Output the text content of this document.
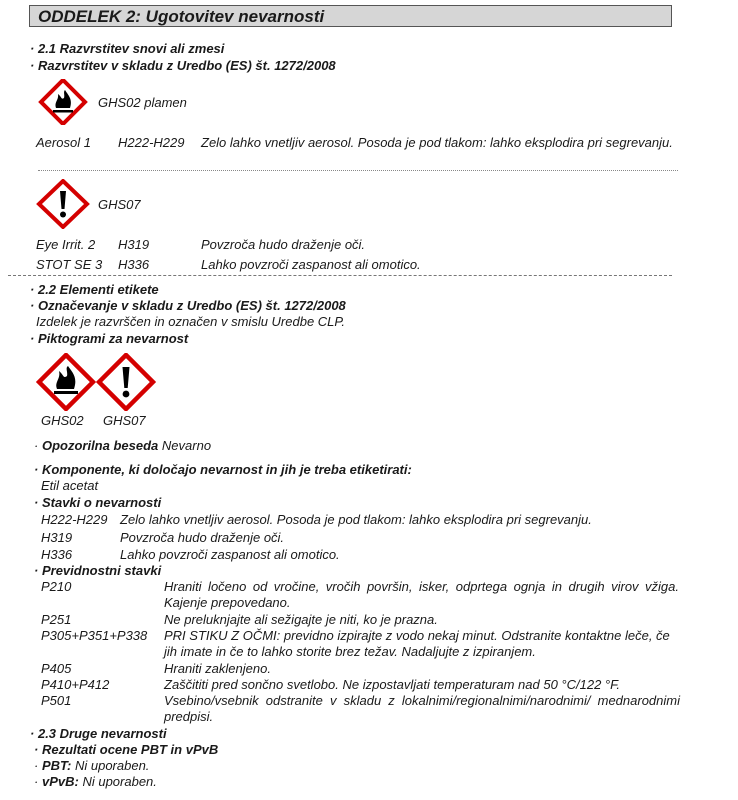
ODDELEK 2: Ugotovitev nevarnosti
· 2.1 Razvrstitev snovi ali zmesi
· Razvrstitev v skladu z Uredbo (ES) št. 1272/2008
GHS02 plamen
Aerosol 1 H222-H229 Zelo lahko vnetljiv aerosol. Posoda je pod tlakom: lahko eksplodira pri segrevanju.
GHS07
Eye Irrit. 2 H319	Povzroča hudo draženje oči.
STOT SE 3 H336	Lahko povzroči zaspanost ali omotico.
· 2.2 Elementi etikete
· Označevanje v skladu z Uredbo (ES) št. 1272/2008
Izdelek je razvrščen in označen v smislu Uredbe CLP.
· Piktogrami za nevarnost
GHS02 GHS07
· Opozorilna beseda Nevarno
· Komponente, ki določajo nevarnost in jih je treba etiketirati:
Etil acetat
· Stavki o nevarnosti
H222-H229 Zelo lahko vnetljiv aerosol. Posoda je pod tlakom: lahko eksplodira pri segrevanju.
H319	Povzroča hudo draženje oči.
H336	Lahko povzroči zaspanost ali omotico.
· Previdnostni stavki
P210	Hraniti ločeno od vročine, vročih površin, isker, odprtega ognja in drugih virov vžiga. Kajenje prepovedano.
P251	Ne preluknjajte ali sežigajte je niti, ko je prazna.
P305+P351+P338 PRI STIKU Z OČMI: previdno izpirajte z vodo nekaj minut. Odstranite kontaktne leče, če jih imate in če to lahko storite brez težav. Nadaljujte z izpiranjem.
P405	Hraniti zaklenjeno.
P410+P412	Zaščititi pred sončno svetlobo. Ne izpostavljati temperaturam nad 50 °C/122 °F.
P501	Vsebino/vsebnik odstranite v skladu z lokalnimi/regionalnimi/narodnimi/ mednarodnimi predpisi.
· 2.3 Druge nevarnosti
· Rezultati ocene PBT in vPvB
· PBT: Ni uporaben.
· vPvB: Ni uporaben.
